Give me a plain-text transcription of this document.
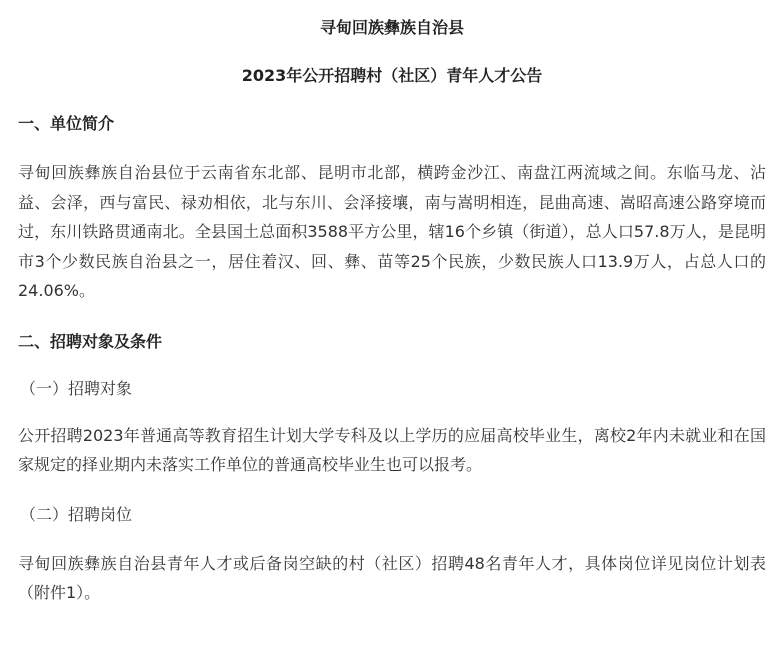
寻甸回族彝族自治县
2023年公开招聘村（社区）青年人才公告
一、单位简介

寻甸回族彝族自治县位于云南省东北部、昆明市北部，横跨金沙江、南盘江两流域之间。东临马龙、沾益、会泽，西与富民、禄劝相依，北与东川、会泽接壤，南与嵩明相连，昆曲高速、嵩昭高速公路穿境而过，东川铁路贯通南北。全县国土总面积3588平方公里，辖16个乡镇（街道），总人口57.8万人，是昆明市3个少数民族自治县之一，居住着汉、回、彝、苗等25个民族，少数民族人口13.9万人，占总人口的24.06%。

二、招聘对象及条件

（一）招聘对象

公开招聘2023年普通高等教育招生计划大学专科及以上学历的应届高校毕业生，离校2年内未就业和在国家规定的择业期内未落实工作单位的普通高校毕业生也可以报考。

（二）招聘岗位

寻甸回族彝族自治县青年人才或后备岗空缺的村（社区）招聘48名青年人才，具体岗位详见岗位计划表（附件1）。
